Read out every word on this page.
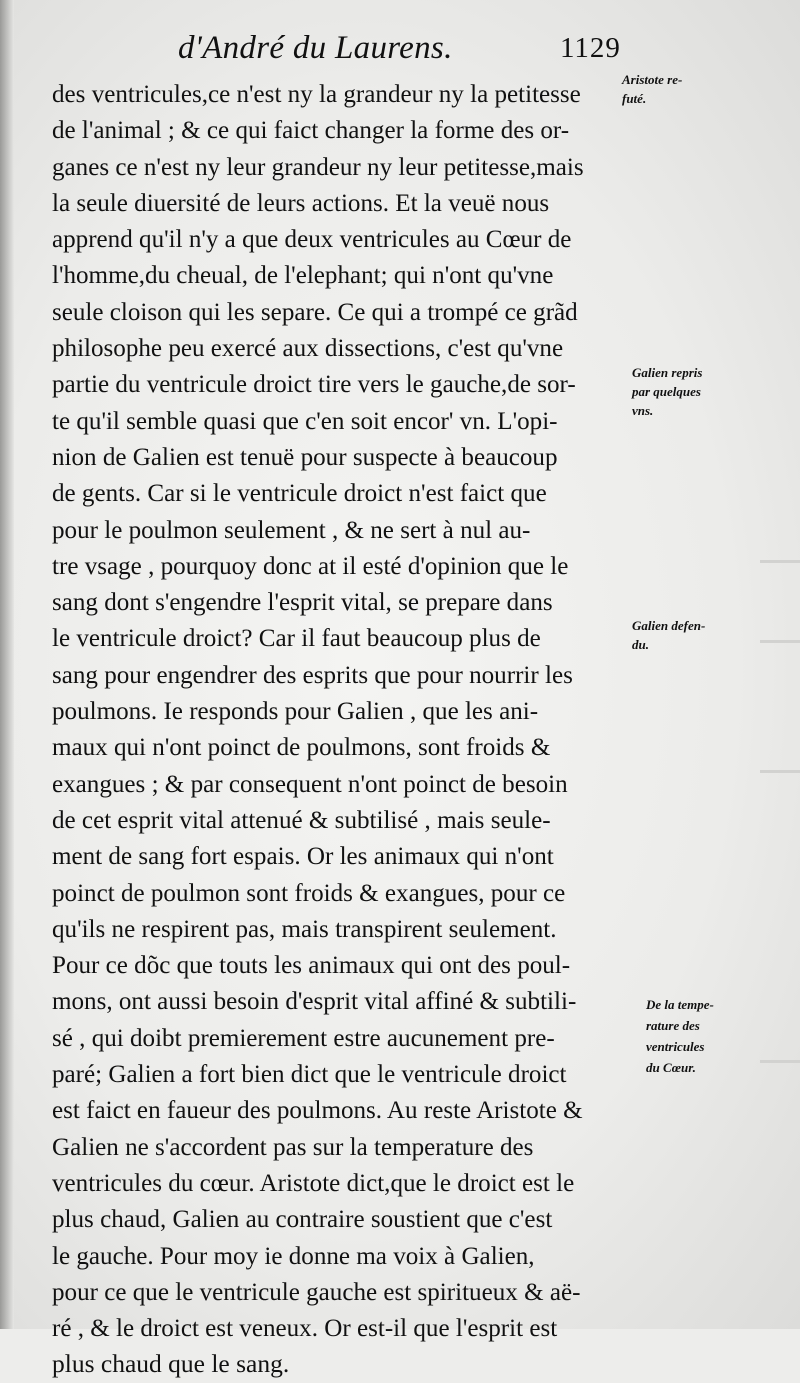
d'André du Laurens.	1129
des ventricules,ce n'est ny la grandeur ny la petitesse
de l'animal ; & ce qui faict changer la forme des or-
ganes ce n'est ny leur grandeur ny leur petitesse,mais
la seule diuersité de leurs actions. Et la veuë nous
apprend qu'il n'y a que deux ventricules au Cœur de
l'homme,du cheual, de l'elephant; qui n'ont qu'vne
seule cloison qui les separe. Ce qui a trompé ce grãd
philosophe peu exercé aux dissections, c'est qu'vne
partie du ventricule droict tire vers le gauche,de sor-
te qu'il semble quasi que c'en soit encor' vn. L'opi-
nion de Galien est tenuë pour suspecte à beaucoup
de gents. Car si le ventricule droict n'est faict que
pour le poulmon seulement , & ne sert à nul au-
tre vsage , pourquoy donc at il esté d'opinion que le
sang dont s'engendre l'esprit vital, se prepare dans
le ventricule droict? Car il faut beaucoup plus de
sang pour engendrer des esprits que pour nourrir les
poulmons. Ie responds pour Galien , que les ani-
maux qui n'ont poinct de poulmons, sont froids &
exangues ; & par consequent n'ont poinct de besoin
de cet esprit vital attenué & subtilisé , mais seule-
ment de sang fort espais. Or les animaux qui n'ont
poinct de poulmon sont froids & exangues, pour ce
qu'ils ne respirent pas, mais transpirent seulement.
Pour ce dõc que touts les animaux qui ont des poul-
mons, ont aussi besoin d'esprit vital affiné & subtili-
sé , qui doibt premierement estre aucunement pre-
paré; Galien a fort bien dict que le ventricule droict
est faict en faueur des poulmons. Au reste Aristote &
Galien ne s'accordent pas sur la temperature des
ventricules du cœur. Aristote dict,que le droict est le
plus chaud, Galien au contraire soustient que c'est
le gauche. Pour moy ie donne ma voix à Galien,
pour ce que le ventricule gauche est spiritueux & aë-
ré , & le droict est veneux. Or est-il que l'esprit est
plus chaud que le sang.
Aristote re-
futé.
Galien repris
par quelques
vns.
Galien defen-
du.
De la tempe-
rature des
ventricules
du Cœur.
